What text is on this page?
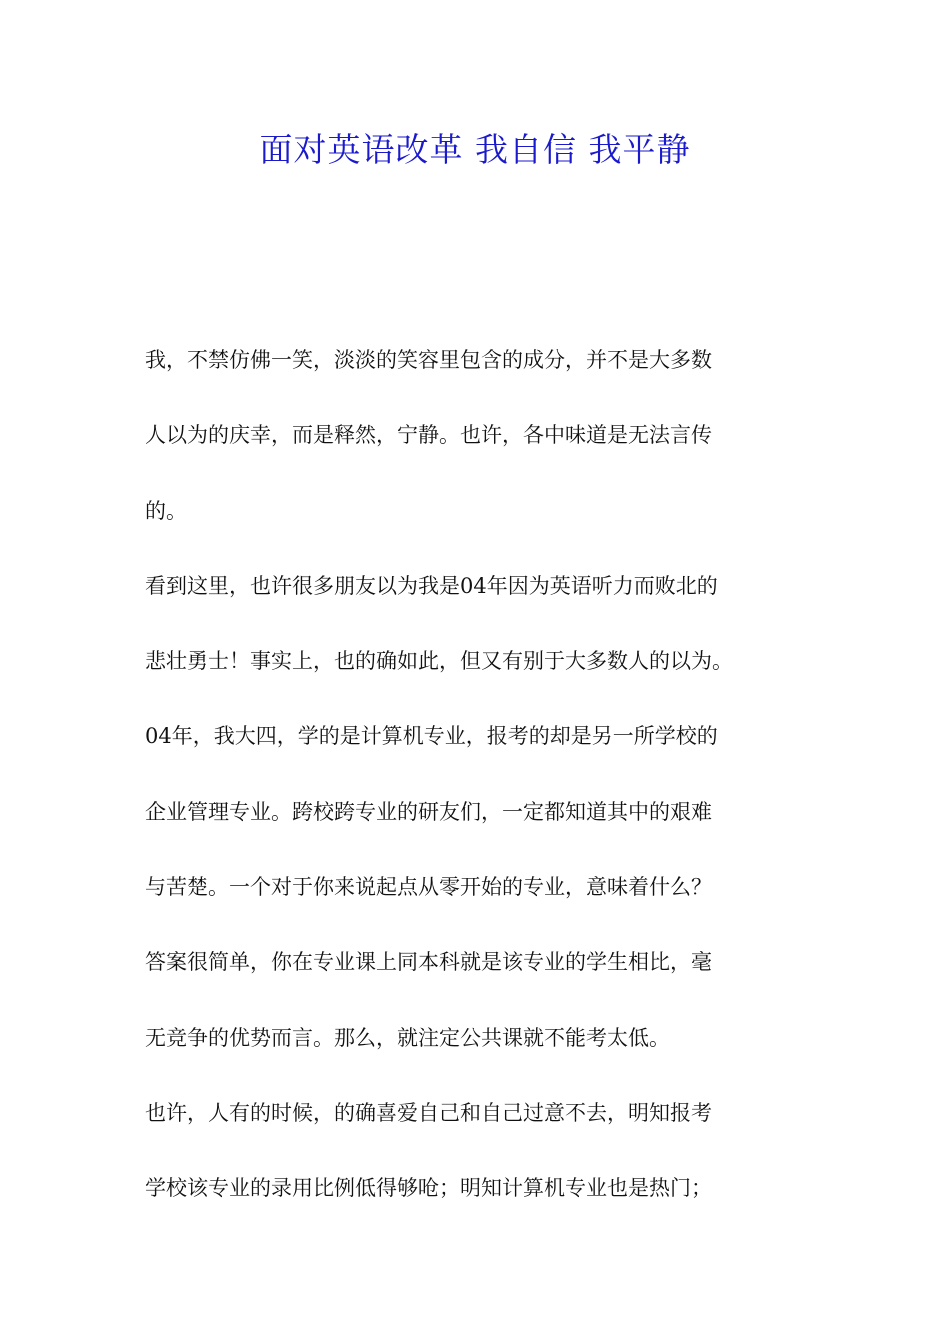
面对英语改革 我自信 我平静
我，不禁仿佛一笑，淡淡的笑容里包含的成分，并不是大多数
人以为的庆幸，而是释然，宁静。也许，各中味道是无法言传
的。
看到这里，也许很多朋友以为我是04年因为英语听力而败北的
悲壮勇士！事实上，也的确如此，但又有别于大多数人的以为。
04年，我大四，学的是计算机专业，报考的却是另一所学校的
企业管理专业。跨校跨专业的研友们，一定都知道其中的艰难
与苦楚。一个对于你来说起点从零开始的专业，意味着什么？
答案很简单，你在专业课上同本科就是该专业的学生相比，毫
无竞争的优势而言。那么，就注定公共课就不能考太低。
也许，人有的时候，的确喜爱自己和自己过意不去，明知报考
学校该专业的录用比例低得够呛；明知计算机专业也是热门；
